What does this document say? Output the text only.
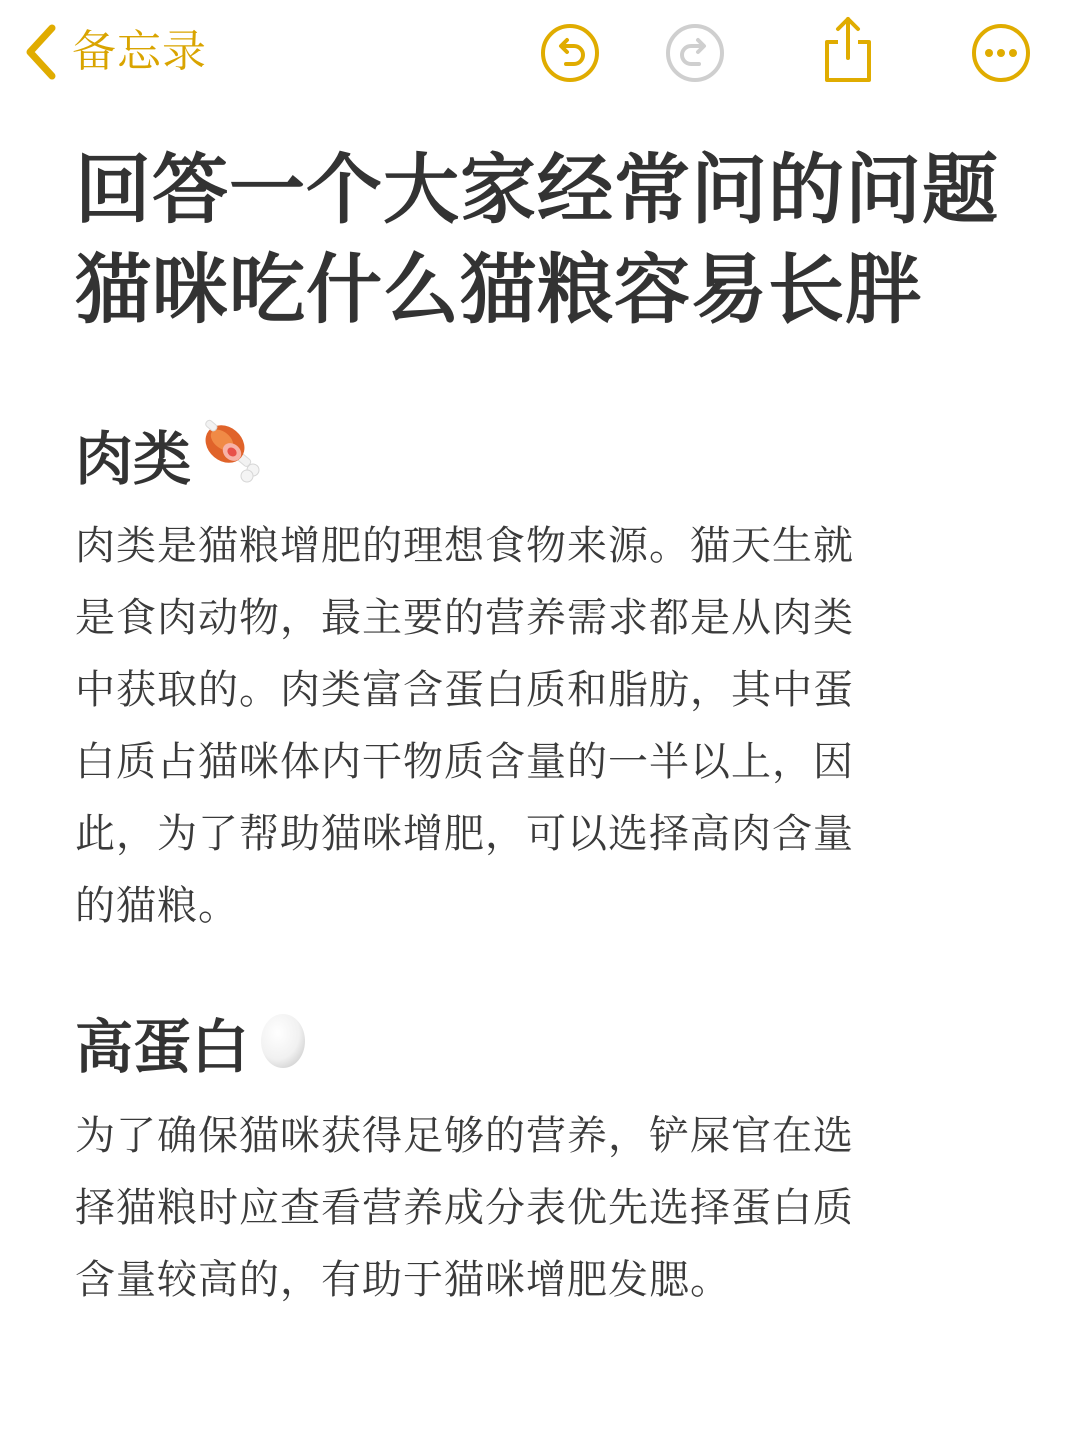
备忘录
回答一个大家经常问的问题
猫咪吃什么猫粮容易长胖
肉类
肉类是猫粮增肥的理想食物来源。猫天生就
是食肉动物，最主要的营养需求都是从肉类
中获取的。肉类富含蛋白质和脂肪，其中蛋
白质占猫咪体内干物质含量的一半以上，因
此，为了帮助猫咪增肥，可以选择高肉含量
的猫粮。
高蛋白
为了确保猫咪获得足够的营养，铲屎官在选
择猫粮时应查看营养成分表优先选择蛋白质
含量较高的，有助于猫咪增肥发腮。
